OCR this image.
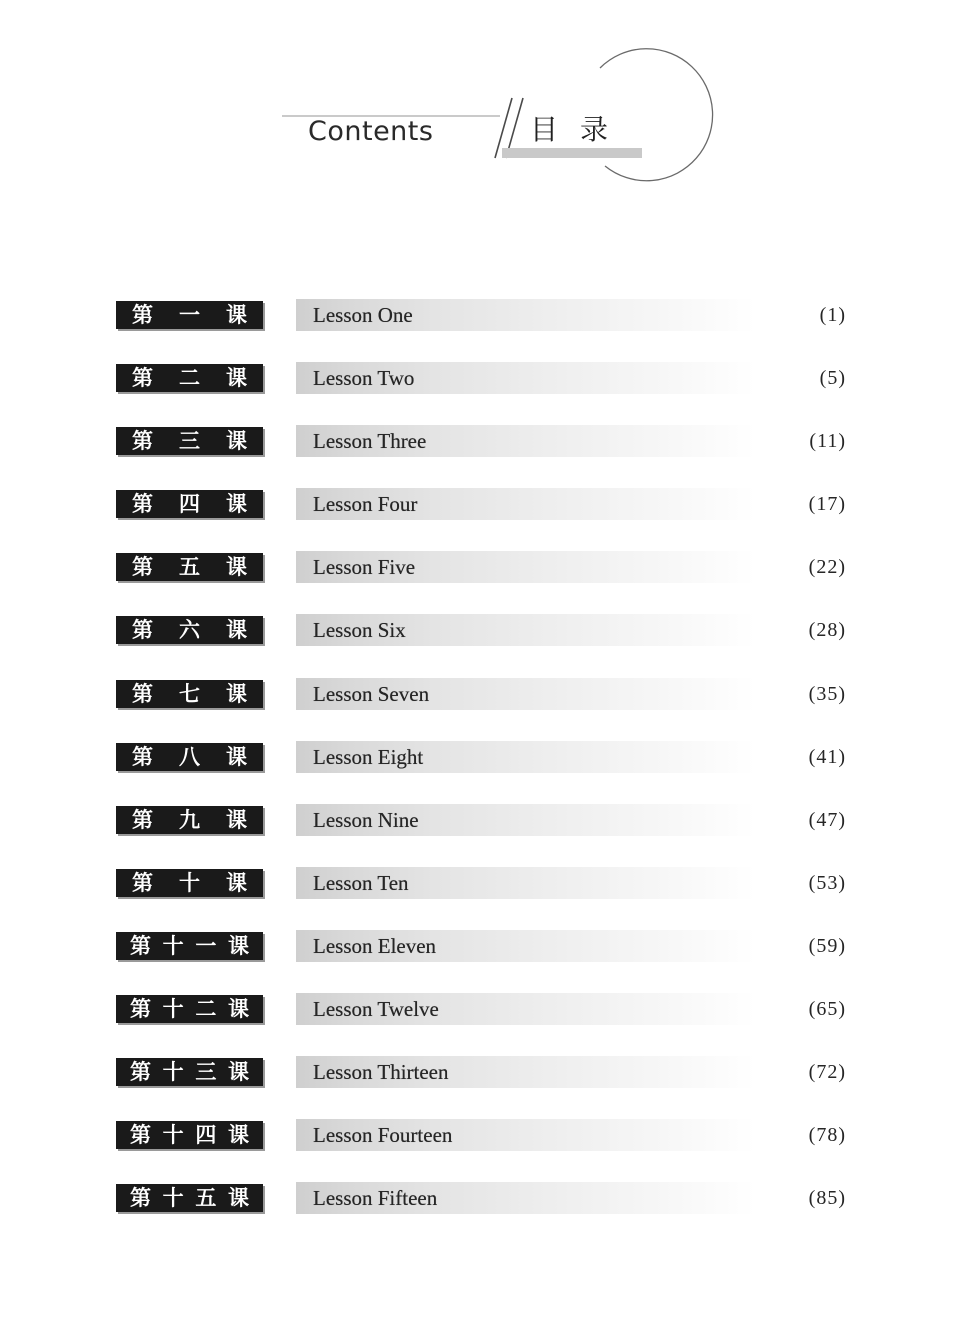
Contents	目录
第 一 课	Lesson One	(1)
第 二 课	Lesson Two	(5)
第 三 课	Lesson Three	(11)
第 四 课	Lesson Four	(17)
第 五 课	Lesson Five	(22)
第 六 课	Lesson Six	(28)
第 七 课	Lesson Seven	(35)
第 八 课	Lesson Eight	(41)
第 九 课	Lesson Nine	(47)
第 十 课	Lesson Ten	(53)
第 十 一 课	Lesson Eleven	(59)
第 十 二 课	Lesson Twelve	(65)
第 十 三 课	Lesson Thirteen	(72)
第 十 四 课	Lesson Fourteen	(78)
第 十 五 课	Lesson Fifteen	(85)
